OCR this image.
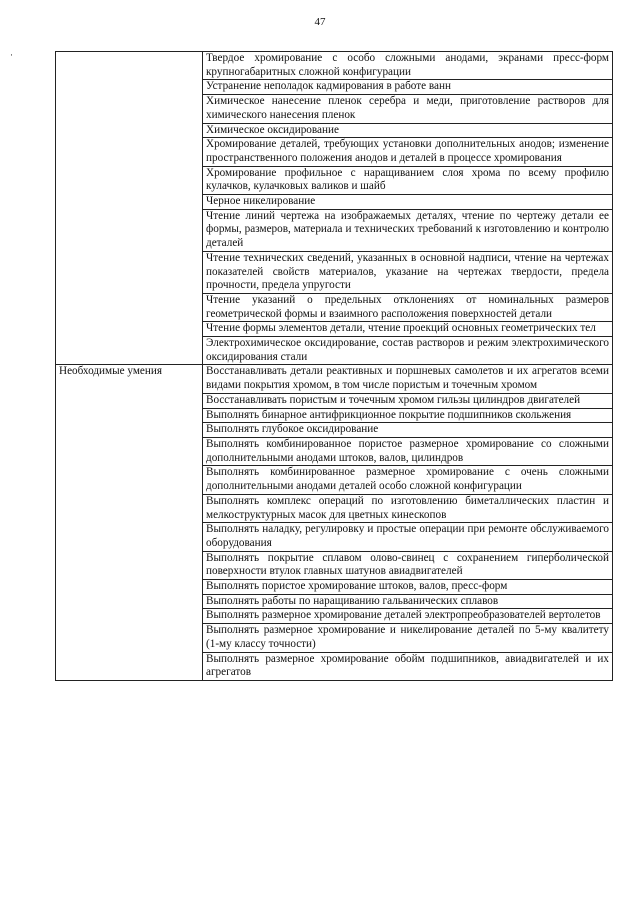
47
·
		Твердое хромирование с особо сложными анодами, экранами пресс-форм крупногабаритных сложной конфигурации
	Устранение неполадок кадмирования в работе ванн
	Химическое нанесение пленок серебра и меди, приготовление растворов для химического нанесения пленок
	Химическое оксидирование
	Хромирование деталей, требующих установки дополнительных анодов; изменение пространственного положения анодов и деталей в процессе хромирования
	Хромирование профильное с наращиванием слоя хрома по всему профилю кулачков, кулачковых валиков и шайб
	Черное никелирование
	Чтение линий чертежа на изображаемых деталях, чтение по чертежу детали ее формы, размеров, материала и технических требований к изготовлению и контролю деталей
	Чтение технических сведений, указанных в основной надписи, чтение на чертежах показателей свойств материалов, указание на чертежах твердости, предела прочности, предела упругости
	Чтение указаний о предельных отклонениях от номинальных размеров геометрической формы и взаимного расположения поверхностей детали
	Чтение формы элементов детали, чтение проекций основных геометрических тел
	Электрохимическое оксидирование, состав растворов и режим электрохимического оксидирования стали

Необходимые умения	Восстанавливать детали реактивных и поршневых самолетов и их агрегатов всеми видами покрытия хромом, в том числе пористым и точечным хромом
	Восстанавливать пористым и точечным хромом гильзы цилиндров двигателей
	Выполнять бинарное антифрикционное покрытие подшипников скольжения
	Выполнять глубокое оксидирование
	Выполнять комбинированное пористое размерное хромирование со сложными дополнительными анодами штоков, валов, цилиндров
	Выполнять комбинированное размерное хромирование с очень сложными дополнительными анодами деталей особо сложной конфигурации
	Выполнять комплекс операций по изготовлению биметаллических пластин и мелкоструктурных масок для цветных кинескопов
	Выполнять наладку, регулировку и простые операции при ремонте обслуживаемого оборудования
	Выполнять покрытие сплавом олово-свинец с сохранением гиперболической поверхности втулок главных шатунов авиадвигателей
	Выполнять пористое хромирование штоков, валов, пресс-форм
	Выполнять работы по наращиванию гальванических сплавов
	Выполнять размерное хромирование деталей электропреобразователей вертолетов
	Выполнять размерное хромирование и никелирование деталей по 5-му квалитету (1-му классу точности)
	Выполнять размерное хромирование обойм подшипников, авиадвигателей и их агрегатов
